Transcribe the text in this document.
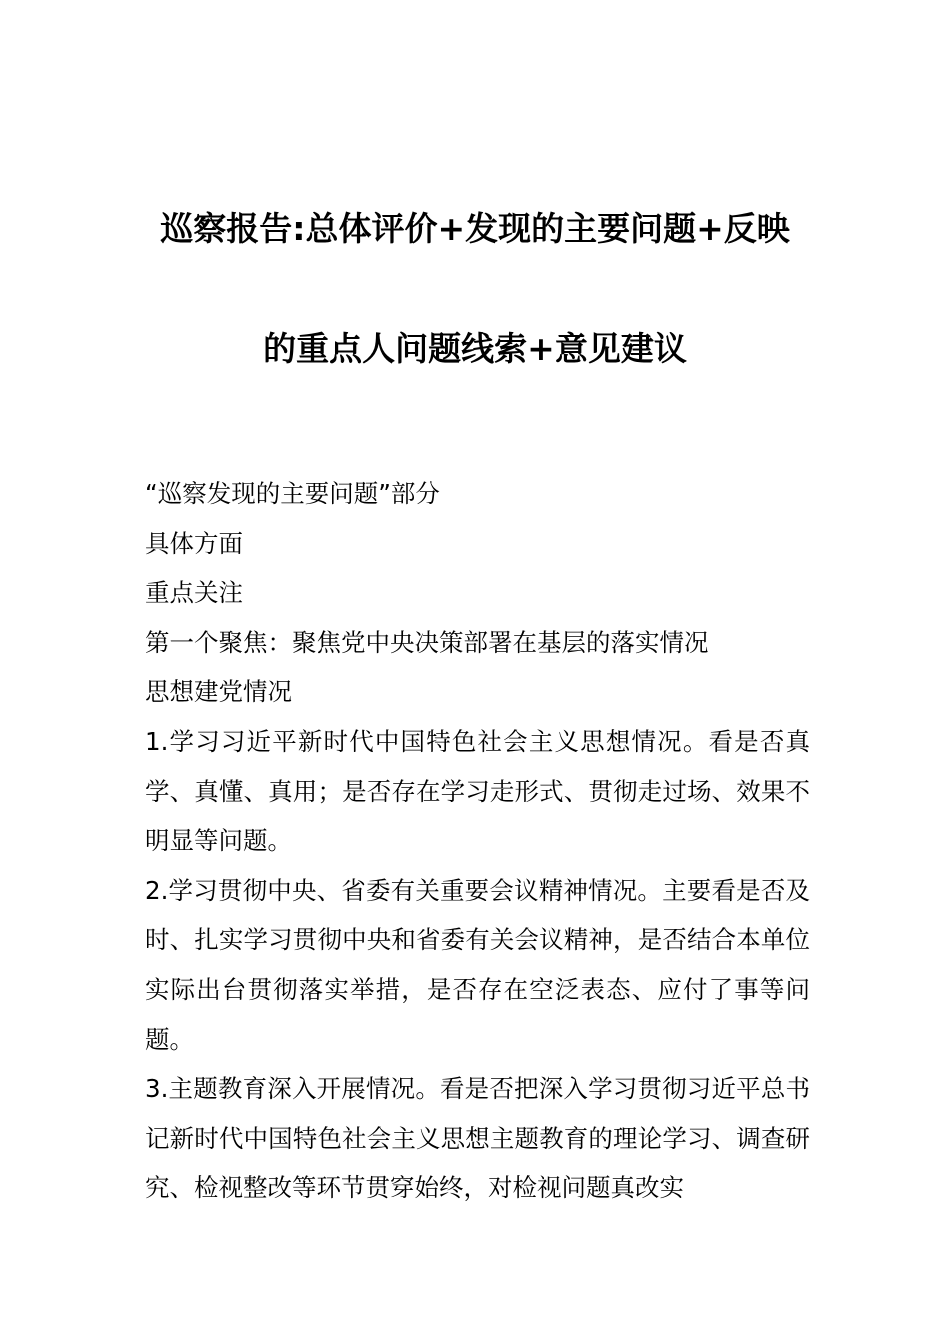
巡察报告:总体评价+发现的主要问题+反映
的重点人问题线索+意见建议

“巡察发现的主要问题”部分

具体方面

重点关注

第一个聚焦：聚焦党中央决策部署在基层的落实情况

思想建党情况

1.学习习近平新时代中国特色社会主义思想情况。看是否真学、真懂、真用；是否存在学习走形式、贯彻走过场、效果不明显等问题。

2.学习贯彻中央、省委有关重要会议精神情况。主要看是否及时、扎实学习贯彻中央和省委有关会议精神，是否结合本单位实际出台贯彻落实举措，是否存在空泛表态、应付了事等问题。

3.主题教育深入开展情况。看是否把深入学习贯彻习近平总书记新时代中国特色社会主义思想主题教育的理论学习、调查研究、检视整改等环节贯穿始终，对检视问题真改实
